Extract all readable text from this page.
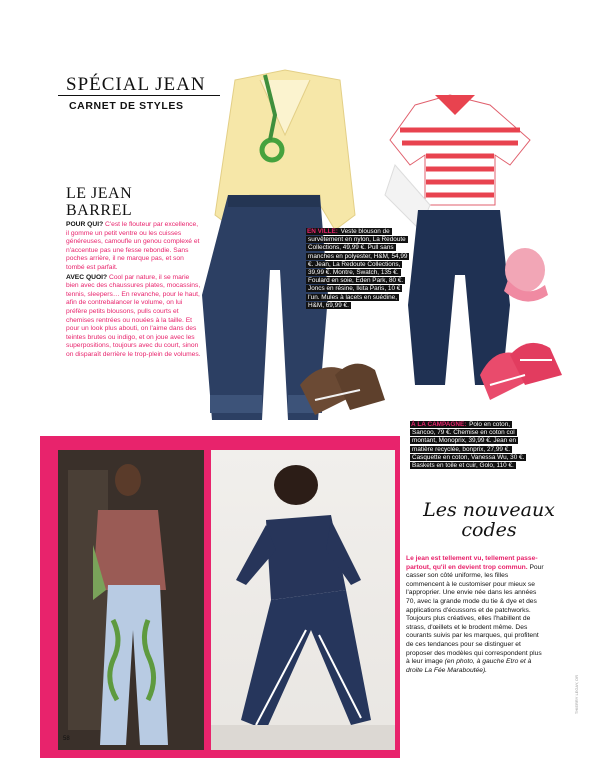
SPÉCIAL JEAN
CARNET DE STYLES
LE JEAN
BARREL

POUR QUI? C'est le flouteur par excellence, il gomme un petit ventre ou les cuisses généreuses, camoufle un genou complexé et n'accentue pas une fesse rebondie. Sans poches arrière, il ne marque pas, et son tombé est parfait.

AVEC QUOI? Cool par nature, il se marie bien avec des chaussures plates, mocassins, tennis, sleepers… En revanche, pour le haut, afin de contrebalancer le volume, on lui préfère petits blousons, pulls courts et chemises rentrées ou nouées à la taille. Et pour un look plus abouti, on l'aime dans des teintes brutes ou indigo, et on joue avec les superpositions, toujours avec du court, sinon on disparaît derrière le trop-plein de volumes.

EN VILLE: Veste blouson de survêtement en nylon, La Redoute Collections, 49,99 €. Pull sans manches en polyester, H&M, 54,99 €. Jean, La Redoute Collections, 39,99 €. Montre, Swatch, 135 €. Foulard en soie, Eden Park, 80 €. Joncs en résine, Ikita Paris, 10 € l'un. Mules à lacets en suédine, H&M, 69,99 €.
À LA CAMPAGNE: Polo en coton, Sancoo, 79 €. Chemise en coton col montant, Monoprix, 39,99 €. Jean en matière recyclée, bonprix, 27,99 €. Casquette en coton, Vanessa Wu, 30 €. Baskets en toile et cuir, Golo, 110 €.
58
Les nouveaux
codes
Le jean est tellement vu, tellement passe-partout, qu'il en devient trop commun. Pour casser son côté uniforme, les filles commencent à le customiser pour mieux se l'approprier. Une envie née dans les années 70, avec la grande mode du tie & dye et des applications d'écussons et de patchworks. Toujours plus créatives, elles l'habillent de strass, d'œillets et le brodent même. Des courants suivis par les marques, qui profitent de ces tendances pour se distinguer et proposer des modèles qui correspondent plus à leur image (en photo, à gauche Etro et à droite La Fée Maraboutée).
THIERRY LEGAY, DR
